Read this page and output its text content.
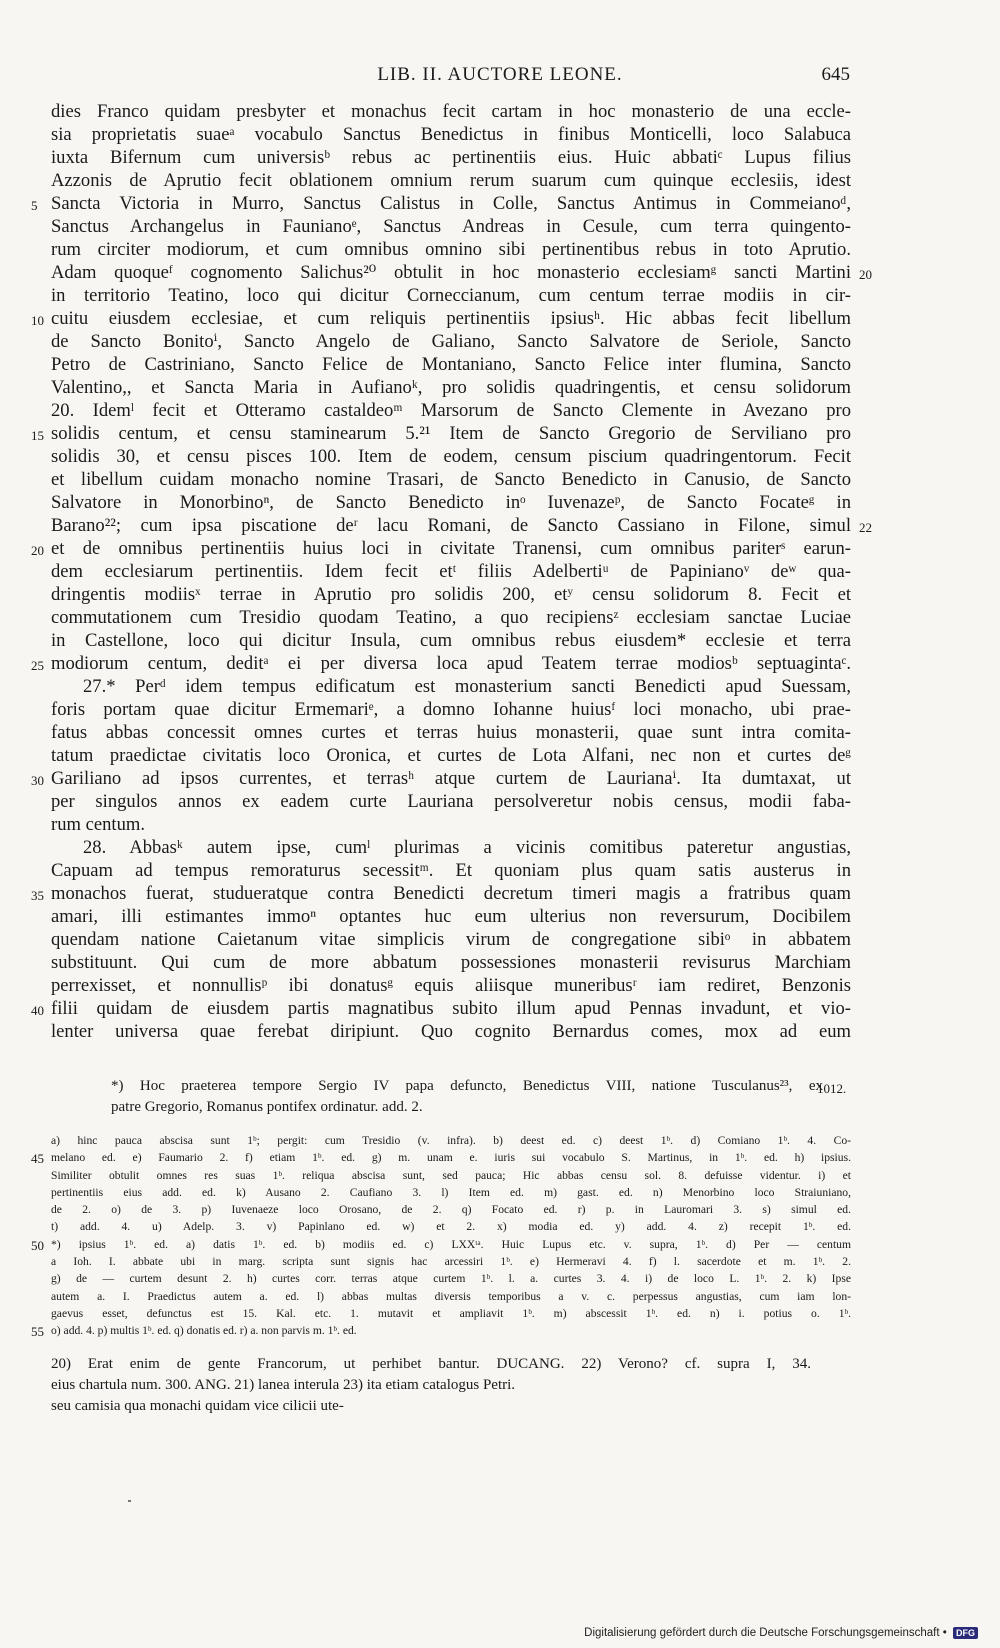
LIB. II. AUCTORE LEONE.	645
dies Franco quidam presbyter et monachus fecit cartam in hoc monasterio de una eccle-
sia proprietatis suaeᵃ vocabulo Sanctus Benedictus in finibus Monticelli, loco Salabuca
iuxta Bifernum cum universisᵇ rebus ac pertinentiis eius. Huic abbatiᶜ Lupus filius
Azzonis de Aprutio fecit oblationem omnium rerum suarum cum quinque ecclesiis, idest
5 Sancta Victoria in Murro, Sanctus Calistus in Colle, Sanctus Antimus in Commeianoᵈ,
Sanctus Archangelus in Faunianoᵉ, Sanctus Andreas in Cesule, cum terra quingento-
rum circiter modiorum, et cum omnibus omnino sibi pertinentibus rebus in toto Aprutio.
Adam quoqueᶠ cognomento Salichus²⁰ obtulit in hoc monasterio ecclesiamᵍ sancti Martini 20
in territorio Teatino, loco qui dicitur Corneccianum, cum centum terrae modiis in cir-
10 cuitu eiusdem ecclesiae, et cum reliquis pertinentiis ipsiusʰ. Hic abbas fecit libellum
de Sancto Bonitoⁱ, Sancto Angelo de Galiano, Sancto Salvatore de Seriole, Sancto
Petro de Castriniano, Sancto Felice de Montaniano, Sancto Felice inter flumina, Sancto
Valentino,, et Sancta Maria in Aufianoᵏ, pro solidis quadringentis, et censu solidorum
20. Idemˡ fecit et Otteramo castaldeoᵐ Marsorum de Sancto Clemente in Avezano pro
15 solidis centum, et censu staminearum 5.²¹ Item de Sancto Gregorio de Serviliano pro
solidis 30, et censu pisces 100. Item de eodem, censum piscium quadringentorum. Fecit
et libellum cuidam monacho nomine Trasari, de Sancto Benedicto in Canusio, de Sancto
Salvatore in Monorbinoⁿ, de Sancto Benedicto inᵒ Iuvenazeᵖ, de Sancto Focateᵍ in
Barano²²; cum ipsa piscatione deʳ lacu Romani, de Sancto Cassiano in Filone, simul 22
20 et de omnibus pertinentiis huius loci in civitate Tranensi, cum omnibus pariterˢ earun-
dem ecclesiarum pertinentiis. Idem fecit etᵗ filiis Adelbertiᵘ de Papinianoᵛ deʷ qua-
dringentis modiisˣ terrae in Aprutio pro solidis 200, etʸ censu solidorum 8. Fecit et
commutationem cum Tresidio quodam Teatino, a quo recipiensᶻ ecclesiam sanctae Luciae
in Castellone, loco qui dicitur Insula, cum omnibus rebus eiusdem* ecclesie et terra
25 modiorum centum, deditᵃ ei per diversa loca apud Teatem terrae modiosᵇ septuagintaᶜ.
27.* Perᵈ idem tempus edificatum est monasterium sancti Benedicti apud Suessam,
foris portam quae dicitur Ermemariᵉ, a domno Iohanne huiusᶠ loci monacho, ubi prae-
fatus abbas concessit omnes curtes et terras huius monasterii, quae sunt intra comita-
tatum praedictae civitatis loco Oronica, et curtes de Lota Alfani, nec non et curtes deᵍ
30 Gariliano ad ipsos currentes, et terrasʰ atque curtem de Laurianaⁱ. Ita dumtaxat, ut
per singulos annos ex eadem curte Lauriana persolveretur nobis census, modii faba-
rum centum.
28. Abbasᵏ autem ipse, cumˡ plurimas a vicinis comitibus pateretur angustias,
Capuam ad tempus remoraturus secessitᵐ. Et quoniam plus quam satis austerus in
35 monachos fuerat, studueratque contra Benedicti decretum timeri magis a fratribus quam
amari, illi estimantes immoⁿ optantes huc eum ulterius non reversurum, Docibilem
quendam natione Caietanum vitae simplicis virum de congregatione sibiᵒ in abbatem
substituunt. Qui cum de more abbatum possessiones monasterii revisurus Marchiam
perrexisset, et nonnullisᵖ ibi donatusᵍ equis aliisque muneribusʳ iam rediret, Benzonis
40 filii quidam de eiusdem partis magnatibus subito illum apud Pennas invadunt, et vio-
lenter universa quae ferebat diripiunt. Quo cognito Bernardus comes, mox ad eum
*) Hoc praeterea tempore Sergio IV papa defuncto, Benedictus VIII, natione Tusculanus²³, ex
1012.
patre Gregorio, Romanus pontifex ordinatur. add. 2.
a) hinc pauca abscisa sunt 1ᵇ; pergit: cum Tresidio (v. infra). b) deest ed. c) deest 1ᵇ. d) Comiano 1ᵇ. 4. Co-
45 melano ed. e) Faumario 2. f) etiam 1ᵇ. ed. g) m. unam e. iuris sui vocabulo S. Martinus, in 1ᵇ. ed. h) ipsius.
Similiter obtulit omnes res suas 1ᵇ. reliqua abscisa sunt, sed pauca; Hic abbas censu sol. 8. defuisse videntur. i) et
pertinentiis eius add. ed. k) Ausano 2. Caufiano 3. l) Item ed. m) gast. ed. n) Menorbino loco Straiuniano,
de 2. o) de 3. p) Iuvenaeze loco Orosano, de 2. q) Focato ed. r) p. in Lauromari 3. s) simul ed.
t) add. 4. u) Adelp. 3. v) Papinlano ed. w) et 2. x) modia ed. y) add. 4. z) recepit 1ᵇ. ed.
50 *) ipsius 1ᵇ. ed. a) datis 1ᵇ. ed. b) modiis ed. c) LXXᵗᵃ. Huic Lupus etc. v. supra, 1ᵇ. d) Per — centum
a Ioh. I. abbate ubi in marg. scripta sunt signis hac arcessiri 1ᵇ. e) Hermeravi 4. f) l. sacerdote et m. 1ᵇ. 2.
g) de — curtem desunt 2. h) curtes corr. terras atque curtem 1ᵇ. l. a. curtes 3. 4. i) de loco L. 1ᵇ. 2. k) Ipse
autem a. I. Praedictus autem a. ed. l) abbas multas diversis temporibus a v. c. perpessus angustias, cum iam lon-
gaevus esset, defunctus est 15. Kal. etc. 1. mutavit et ampliavit 1ᵇ. m) abscessit 1ᵇ. ed. n) i. potius o. 1ᵇ.
55 o) add. 4. p) multis 1ᵇ. ed. q) donatis ed. r) a. non parvis m. 1ᵇ. ed.
20) Erat enim de gente Francorum, ut perhibet bantur. DUCANG. 22) Verono? cf. supra I, 34.
eius chartula num. 300. ANG. 21) lanea interula 23) ita etiam catalogus Petri.
seu camisia qua monachi quidam vice cilicii ute-
Digitalisierung gefördert durch die Deutsche Forschungsgemeinschaft • DFG
